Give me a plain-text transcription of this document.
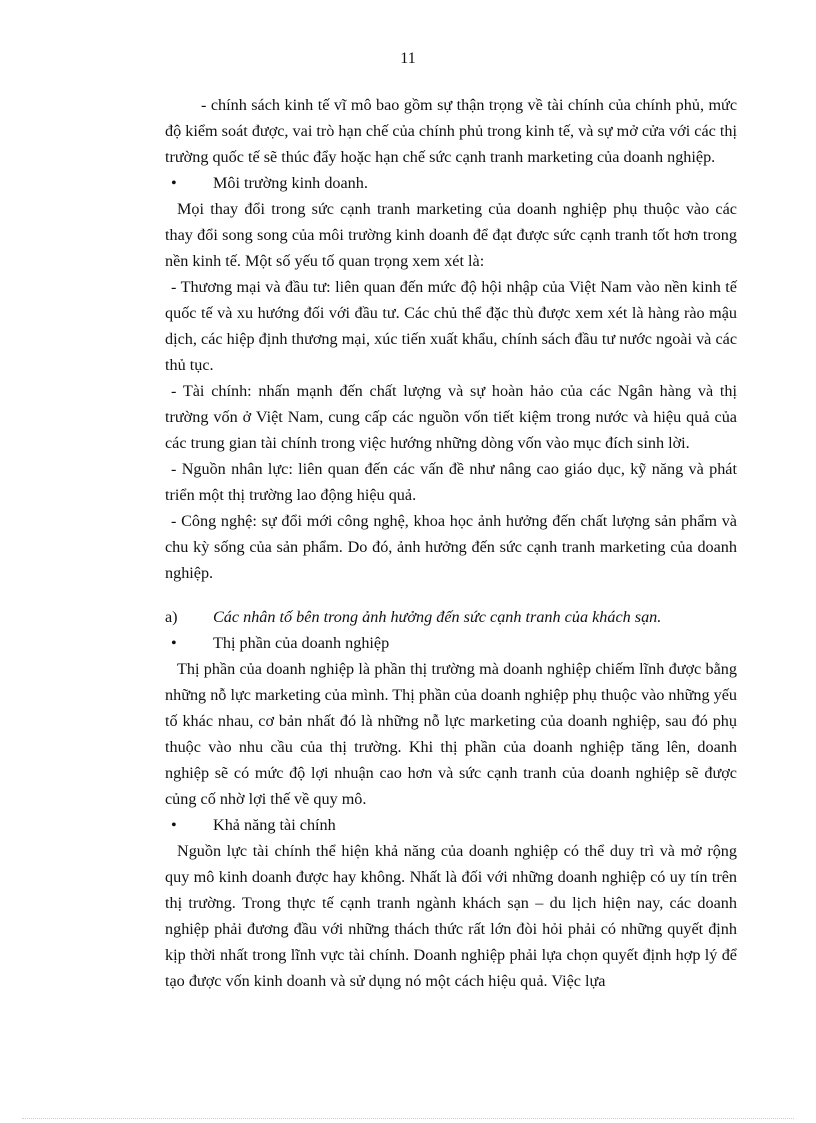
11

- chính sách kinh tế vĩ mô bao gồm sự thận trọng về tài chính của chính phủ, mức độ kiểm soát được, vai trò hạn chế của chính phủ trong kinh tế, và sự mở cửa với các thị trường quốc tế sẽ thúc đẩy hoặc hạn chế sức cạnh tranh marketing của doanh nghiệp.

•	Môi trường kinh doanh.

Mọi thay đổi trong sức cạnh tranh marketing của doanh nghiệp phụ thuộc vào các thay đổi song song của môi trường kinh doanh để đạt được sức cạnh tranh tốt hơn trong nền kinh tế. Một số yếu tố quan trọng xem xét là:

- Thương mại và đầu tư: liên quan đến mức độ hội nhập của Việt Nam vào nền kinh tế quốc tế và xu hướng đối với đầu tư. Các chủ thể đặc thù được xem xét là hàng rào mậu dịch, các hiệp định thương mại, xúc tiến xuất khẩu, chính sách đầu tư nước ngoài và các thủ tục.

- Tài chính: nhấn mạnh đến chất lượng và sự hoàn hảo của các Ngân hàng và thị trường vốn ở Việt Nam, cung cấp các nguồn vốn tiết kiệm trong nước và hiệu quả của các trung gian tài chính trong việc hướng những dòng vốn vào mục đích sinh lời.

- Nguồn nhân lực: liên quan đến các vấn đề như nâng cao giáo dục, kỹ năng và phát triển một thị trường lao động hiệu quả.

- Công nghệ: sự đổi mới công nghệ, khoa học ảnh hưởng đến chất lượng sản phẩm và chu kỳ sống của sản phẩm. Do đó, ảnh hưởng đến sức cạnh tranh marketing của doanh nghiệp.

a)	Các nhân tố bên trong ảnh hưởng đến sức cạnh tranh của khách sạn.
•	Thị phần của doanh nghiệp

Thị phần của doanh nghiệp là phần thị trường mà doanh nghiệp chiếm lĩnh được bằng những nỗ lực marketing của mình. Thị phần của doanh nghiệp phụ thuộc vào những yếu tố khác nhau, cơ bản nhất đó là những nỗ lực marketing của doanh nghiệp, sau đó phụ thuộc vào nhu cầu của thị trường. Khi thị phần của doanh nghiệp tăng lên, doanh nghiệp sẽ có mức độ lợi nhuận cao hơn và sức cạnh tranh của doanh nghiệp sẽ được củng cố nhờ lợi thế về quy mô.

•	Khả năng tài chính

Nguồn lực tài chính thể hiện khả năng của doanh nghiệp có thể duy trì và mở rộng quy mô kinh doanh được hay không. Nhất là đối với những doanh nghiệp có uy tín trên thị trường. Trong thực tế cạnh tranh ngành khách sạn – du lịch hiện nay, các doanh nghiệp phải đương đầu với những thách thức rất lớn đòi hỏi phải có những quyết định kịp thời nhất trong lĩnh vực tài chính. Doanh nghiệp phải lựa chọn quyết định hợp lý để tạo được vốn kinh doanh và sử dụng nó một cách hiệu quả. Việc lựa
